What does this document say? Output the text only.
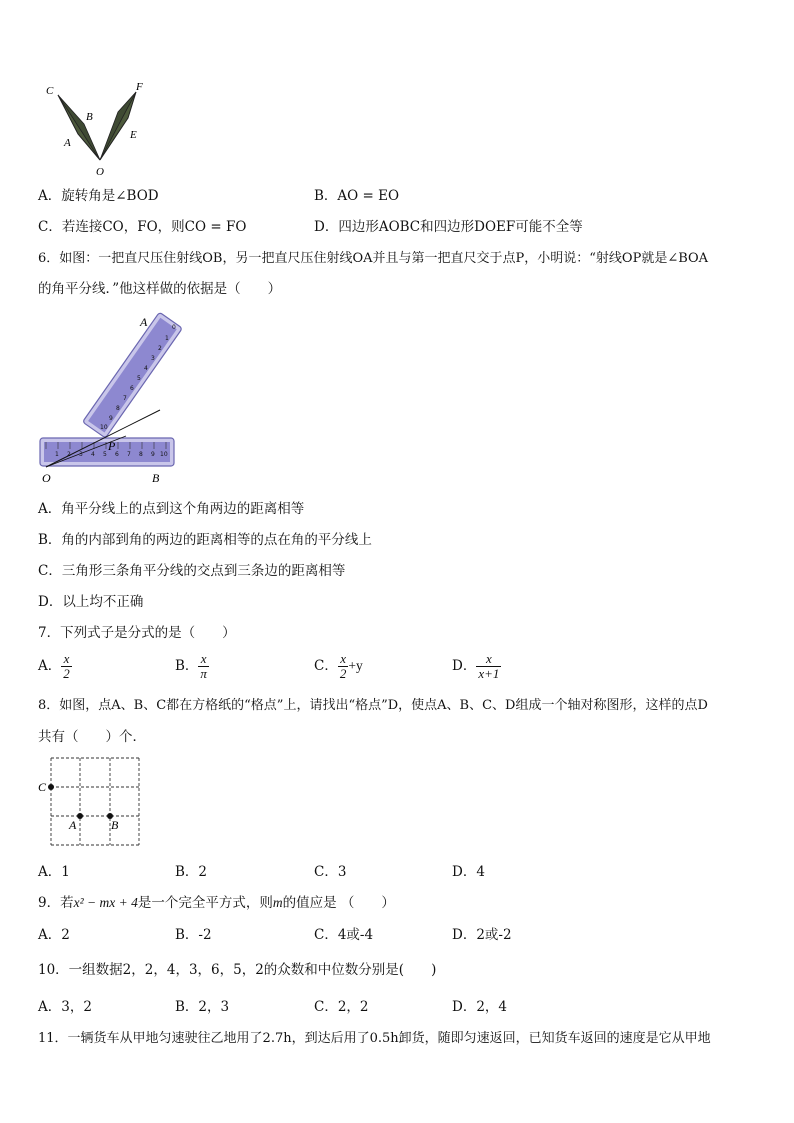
C
B
A
O
E
F
A．旋转角是∠BOD	B．AO = EO
C．若连接CO，FO，则CO = FO	D．四边形AOBC和四边形DOEF可能不全等
6．如图：一把直尺压住射线OB，另一把直尺压住射线OA并且与第一把直尺交于点P，小明说：“射线OP就是∠BOA
的角平分线．”他这样做的依据是（　　）
1 2 3 4 5 6 7 8 9 10
0
1
2
3
4
5
6
7
8
9
10
A
P
O	B
A．角平分线上的点到这个角两边的距离相等
B．角的内部到角的两边的距离相等的点在角的平分线上
C．三角形三条角平分线的交点到三条边的距离相等
D．以上均不正确
7．下列式子是分式的是（　　）
A． $\frac{x}{2}$	B． $\frac{x}{\pi}$	C． $\frac{x}{2} +y$	D． $\frac{x}{x+1}$
8．如图，点A、B、C都在方格纸的“格点”上，请找出“格点”D，使点A、B、C、D组成一个轴对称图形，这样的点D
共有（　　）个．
C
A	B
A．1	B．2	C．3	D．4
9．若x² − mx + 4是一个完全平方式，则m的值应是 （　　）
A．2	B．-2	C．4或-4	D．2或-2
10．一组数据2，2，4，3，6，5，2的众数和中位数分别是(　　)
A．3，2	B．2，3	C．2，2	D．2，4
11．一辆货车从甲地匀速驶往乙地用了2.7h，到达后用了0.5h卸货，随即匀速返回，已知货车返回的速度是它从甲地
